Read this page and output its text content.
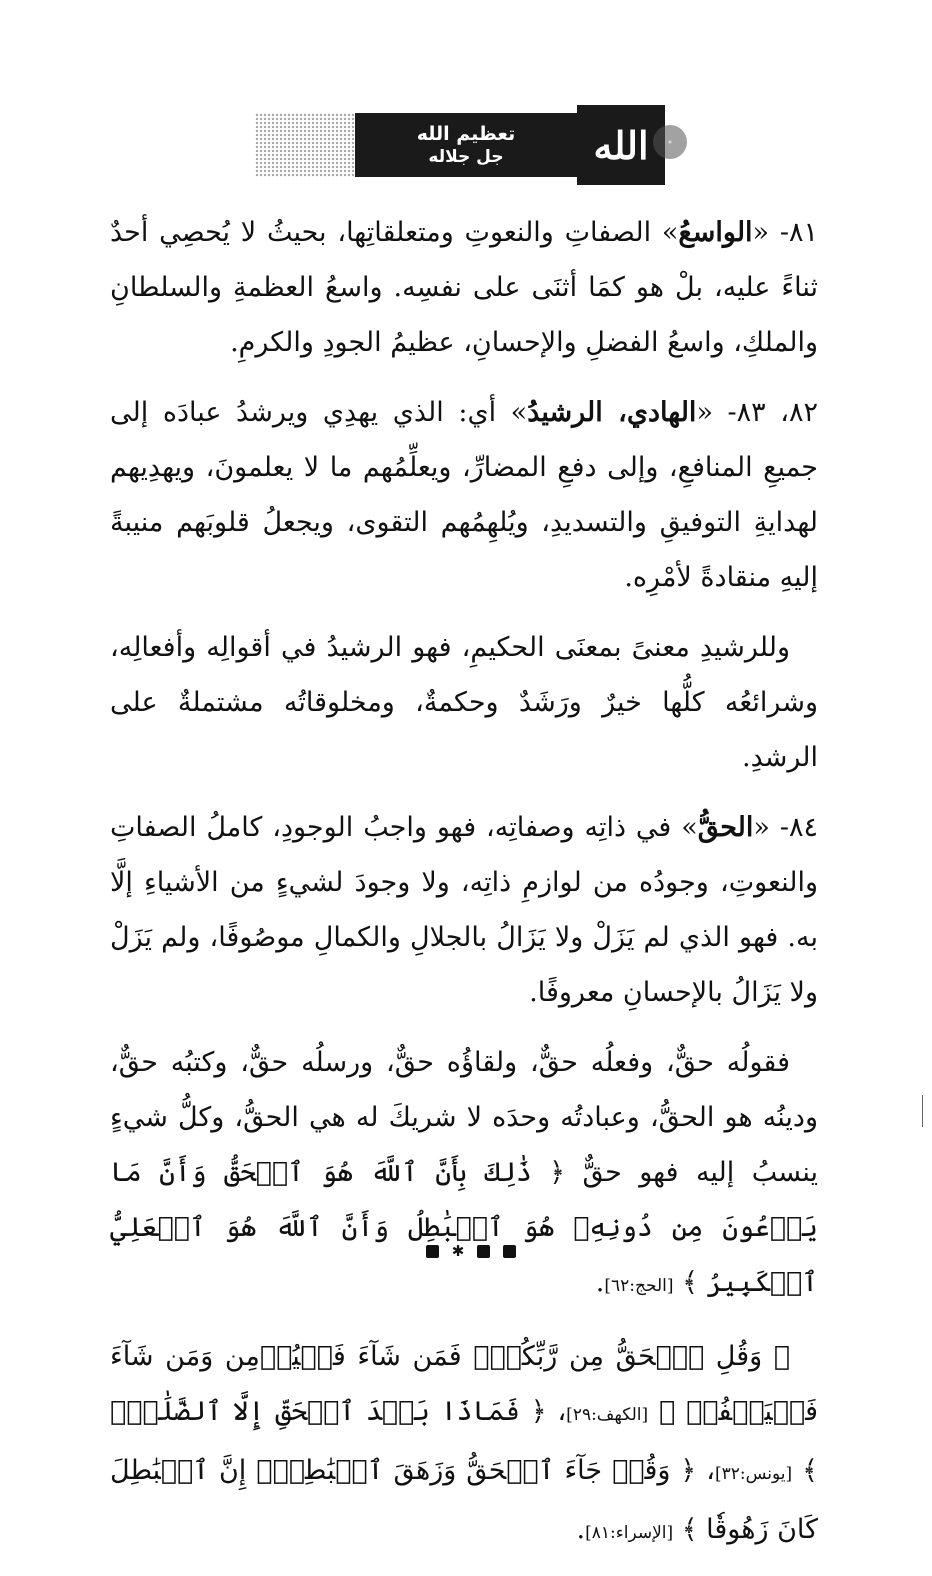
تعظيم الله
جل جلاله	الله

٨١- «الواسعُ» الصفاتِ والنعوتِ ومتعلقاتِها، بحيثُ لا يُحصِي أحدٌ ثناءً عليه، بلْ هو كمَا أثنَى على نفسِه. واسعُ العظمةِ والسلطانِ والملكِ، واسعُ الفضلِ والإحسانِ، عظيمُ الجودِ والكرمِ.

٨٢، ٨٣- «الهادي، الرشيدُ» أي: الذي يهدِي ويرشدُ عبادَه إلى جميعِ المنافعِ، وإلى دفعِ المضارِّ، ويعلِّمُهم ما لا يعلمونَ، ويهدِيهم لهدايةِ التوفيقِ والتسديدِ، ويُلهِمُهم التقوى، ويجعلُ قلوبَهم منيبةً إليهِ منقادةً لأمْرِه.

وللرشيدِ معنىً بمعنَى الحكيمِ، فهو الرشيدُ في أقوالِه وأفعالِه، وشرائعُه كلُّها خيرٌ ورَشَدٌ وحكمةٌ، ومخلوقاتُه مشتملةٌ على الرشدِ.

٨٤- «الحقُّ» في ذاتِه وصفاتِه، فهو واجبُ الوجودِ، كاملُ الصفاتِ والنعوتِ، وجودُه من لوازمِ ذاتِه، ولا وجودَ لشيءٍ من الأشياءِ إلَّا به. فهو الذي لم يَزَلْ ولا يَزَالُ بالجلالِ والكمالِ موصُوفًا، ولم يَزَلْ ولا يَزَالُ بالإحسانِ معروفًا.

فقولُه حقٌّ، وفعلُه حقٌّ، ولقاؤُه حقٌّ، ورسلُه حقٌّ، وكتبُه حقٌّ، ودينُه هو الحقُّ، وعبادتُه وحدَه لا شريكَ له هي الحقُّ، وكلُّ شيءٍ ينسبُ إليه فهو حقٌّ ﴿ ذَٰلِكَ بِأَنَّ ٱللَّهَ هُوَ ٱلۡحَقُّ وَأَنَّ مَا يَدۡعُونَ مِن دُونِهِۦ هُوَ ٱلۡبَٰطِلُ وَأَنَّ ٱللَّهَ هُوَ ٱلۡعَلِيُّ ٱلۡكَبِيرُ ﴾ [الحج:٦٢].

﴿ وَقُلِ ٱلۡحَقُّ مِن رَّبِّكُمۡۖ فَمَن شَآءَ فَلۡيُؤۡمِن وَمَن شَآءَ فَلۡيَكۡفُرۡ ﴾ [الكهف:٢٩]، ﴿ فَمَاذَا بَعۡدَ ٱلۡحَقِّ إِلَّا ٱلضَّلَٰلُۖ ﴾ [يونس:٣٢]، ﴿ وَقُلۡ جَآءَ ٱلۡحَقُّ وَزَهَقَ ٱلۡبَٰطِلُۚ إِنَّ ٱلۡبَٰطِلَ كَانَ زَهُوقٗا ﴾ [الإسراء:٨١].

✱
